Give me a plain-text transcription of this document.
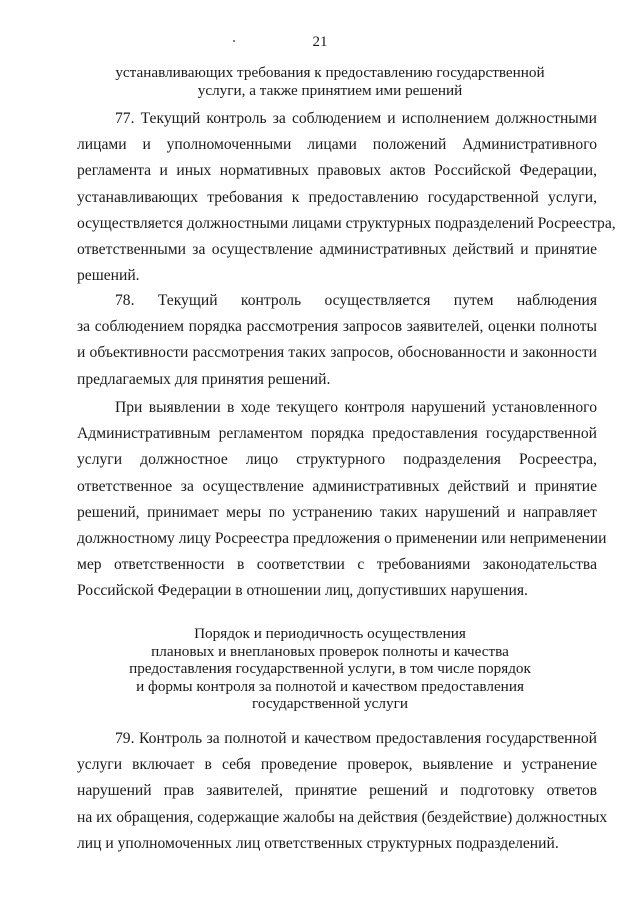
21
устанавливающих требования к предоставлению государственной
услуги, а также принятием ими решений
77. Текущий контроль за соблюдением и исполнением должностными
лицами и уполномоченными лицами положений Административного
регламента и иных нормативных правовых актов Российской Федерации,
устанавливающих требования к предоставлению государственной услуги,
осуществляется должностными лицами структурных подразделений Росреестра,
ответственными за осуществление административных действий и принятие
решений.
78. Текущий контроль осуществляется путем наблюдения
за соблюдением порядка рассмотрения запросов заявителей, оценки полноты
и объективности рассмотрения таких запросов, обоснованности и законности
предлагаемых для принятия решений.
При выявлении в ходе текущего контроля нарушений установленного
Административным регламентом порядка предоставления государственной
услуги должностное лицо структурного подразделения Росреестра,
ответственное за осуществление административных действий и принятие
решений, принимает меры по устранению таких нарушений и направляет
должностному лицу Росреестра предложения о применении или неприменении
мер ответственности в соответствии с требованиями законодательства
Российской Федерации в отношении лиц, допустивших нарушения.
Порядок и периодичность осуществления
плановых и внеплановых проверок полноты и качества
предоставления государственной услуги, в том числе порядок
и формы контроля за полнотой и качеством предоставления
государственной услуги
79. Контроль за полнотой и качеством предоставления государственной
услуги включает в себя проведение проверок, выявление и устранение
нарушений прав заявителей, принятие решений и подготовку ответов
на их обращения, содержащие жалобы на действия (бездействие) должностных
лиц и уполномоченных лиц ответственных структурных подразделений.
